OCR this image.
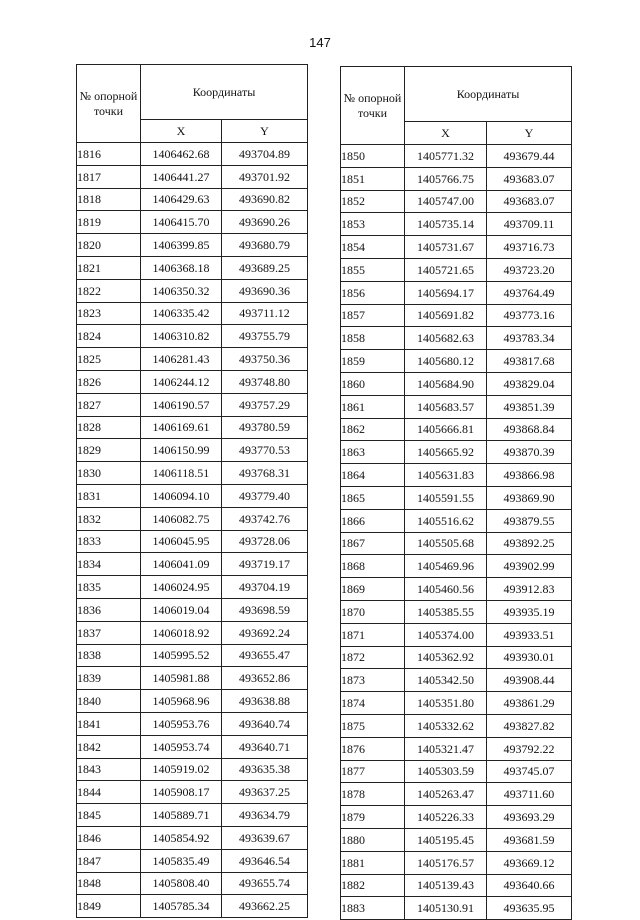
147
№ опорной точки	Координаты	
	X	Y
1816	1406462.68	493704.89
1817	1406441.27	493701.92
1818	1406429.63	493690.82
1819	1406415.70	493690.26
1820	1406399.85	493680.79
1821	1406368.18	493689.25
1822	1406350.32	493690.36
1823	1406335.42	493711.12
1824	1406310.82	493755.79
1825	1406281.43	493750.36
1826	1406244.12	493748.80
1827	1406190.57	493757.29
1828	1406169.61	493780.59
1829	1406150.99	493770.53
1830	1406118.51	493768.31
1831	1406094.10	493779.40
1832	1406082.75	493742.76
1833	1406045.95	493728.06
1834	1406041.09	493719.17
1835	1406024.95	493704.19
1836	1406019.04	493698.59
1837	1406018.92	493692.24
1838	1405995.52	493655.47
1839	1405981.88	493652.86
1840	1405968.96	493638.88
1841	1405953.76	493640.74
1842	1405953.74	493640.71
1843	1405919.02	493635.38
1844	1405908.17	493637.25
1845	1405889.71	493634.79
1846	1405854.92	493639.67
1847	1405835.49	493646.54
1848	1405808.40	493655.74
1849	1405785.34	493662.25
№ опорной точки	Координаты	
	X	Y
1850	1405771.32	493679.44
1851	1405766.75	493683.07
1852	1405747.00	493683.07
1853	1405735.14	493709.11
1854	1405731.67	493716.73
1855	1405721.65	493723.20
1856	1405694.17	493764.49
1857	1405691.82	493773.16
1858	1405682.63	493783.34
1859	1405680.12	493817.68
1860	1405684.90	493829.04
1861	1405683.57	493851.39
1862	1405666.81	493868.84
1863	1405665.92	493870.39
1864	1405631.83	493866.98
1865	1405591.55	493869.90
1866	1405516.62	493879.55
1867	1405505.68	493892.25
1868	1405469.96	493902.99
1869	1405460.56	493912.83
1870	1405385.55	493935.19
1871	1405374.00	493933.51
1872	1405362.92	493930.01
1873	1405342.50	493908.44
1874	1405351.80	493861.29
1875	1405332.62	493827.82
1876	1405321.47	493792.22
1877	1405303.59	493745.07
1878	1405263.47	493711.60
1879	1405226.33	493693.29
1880	1405195.45	493681.59
1881	1405176.57	493669.12
1882	1405139.43	493640.66
1883	1405130.91	493635.95
